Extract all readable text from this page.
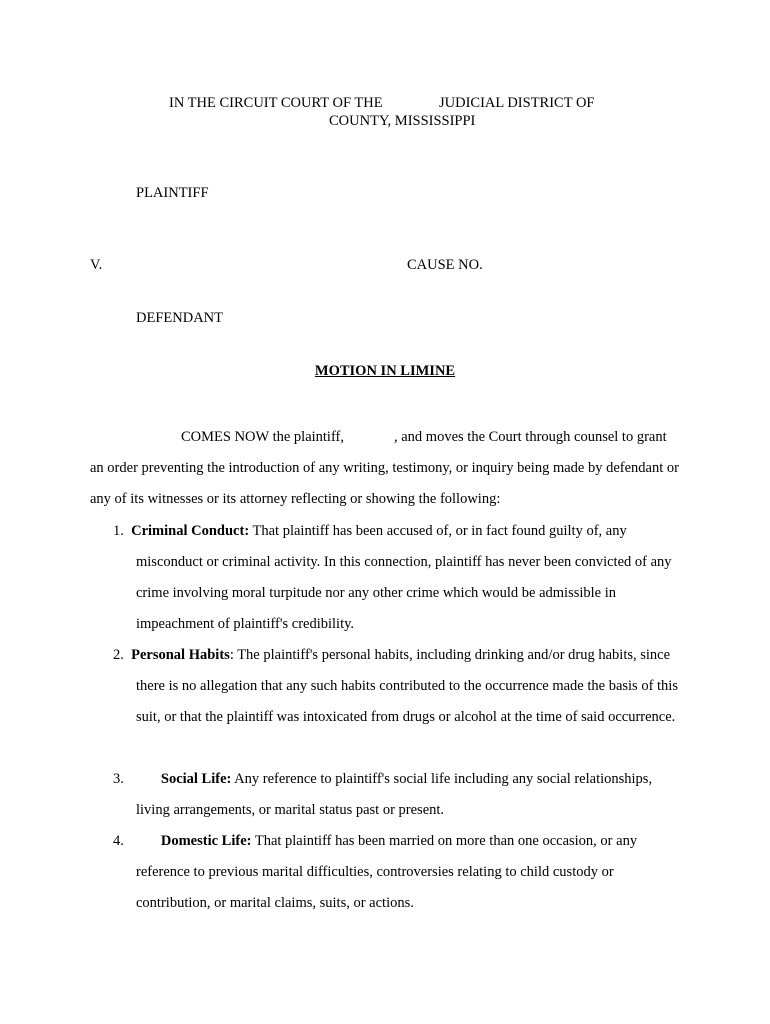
IN THE CIRCUIT COURT OF THE	JUDICIAL DISTRICT OF
COUNTY, MISSISSIPPI
PLAINTIFF
V.	CAUSE NO.
DEFENDANT
MOTION IN LIMINE
COMES NOW the plaintiff,	, and moves the Court through counsel to grant
an order preventing the introduction of any writing, testimony, or inquiry being made by defendant or any of its witnesses or its attorney reflecting or showing the following:
1. Criminal Conduct: That plaintiff has been accused of, or in fact found guilty of, any misconduct or criminal activity. In this connection, plaintiff has never been convicted of any crime involving moral turpitude nor any other crime which would be admissible in impeachment of plaintiff's credibility.
2. Personal Habits: The plaintiff's personal habits, including drinking and/or drug habits, since there is no allegation that any such habits contributed to the occurrence made the basis of this suit, or that the plaintiff was intoxicated from drugs or alcohol at the time of said occurrence.
3.	Social Life: Any reference to plaintiff's social life including any social relationships, living arrangements, or marital status past or present.
4.	Domestic Life: That plaintiff has been married on more than one occasion, or any reference to previous marital difficulties, controversies relating to child custody or contribution, or marital claims, suits, or actions.
